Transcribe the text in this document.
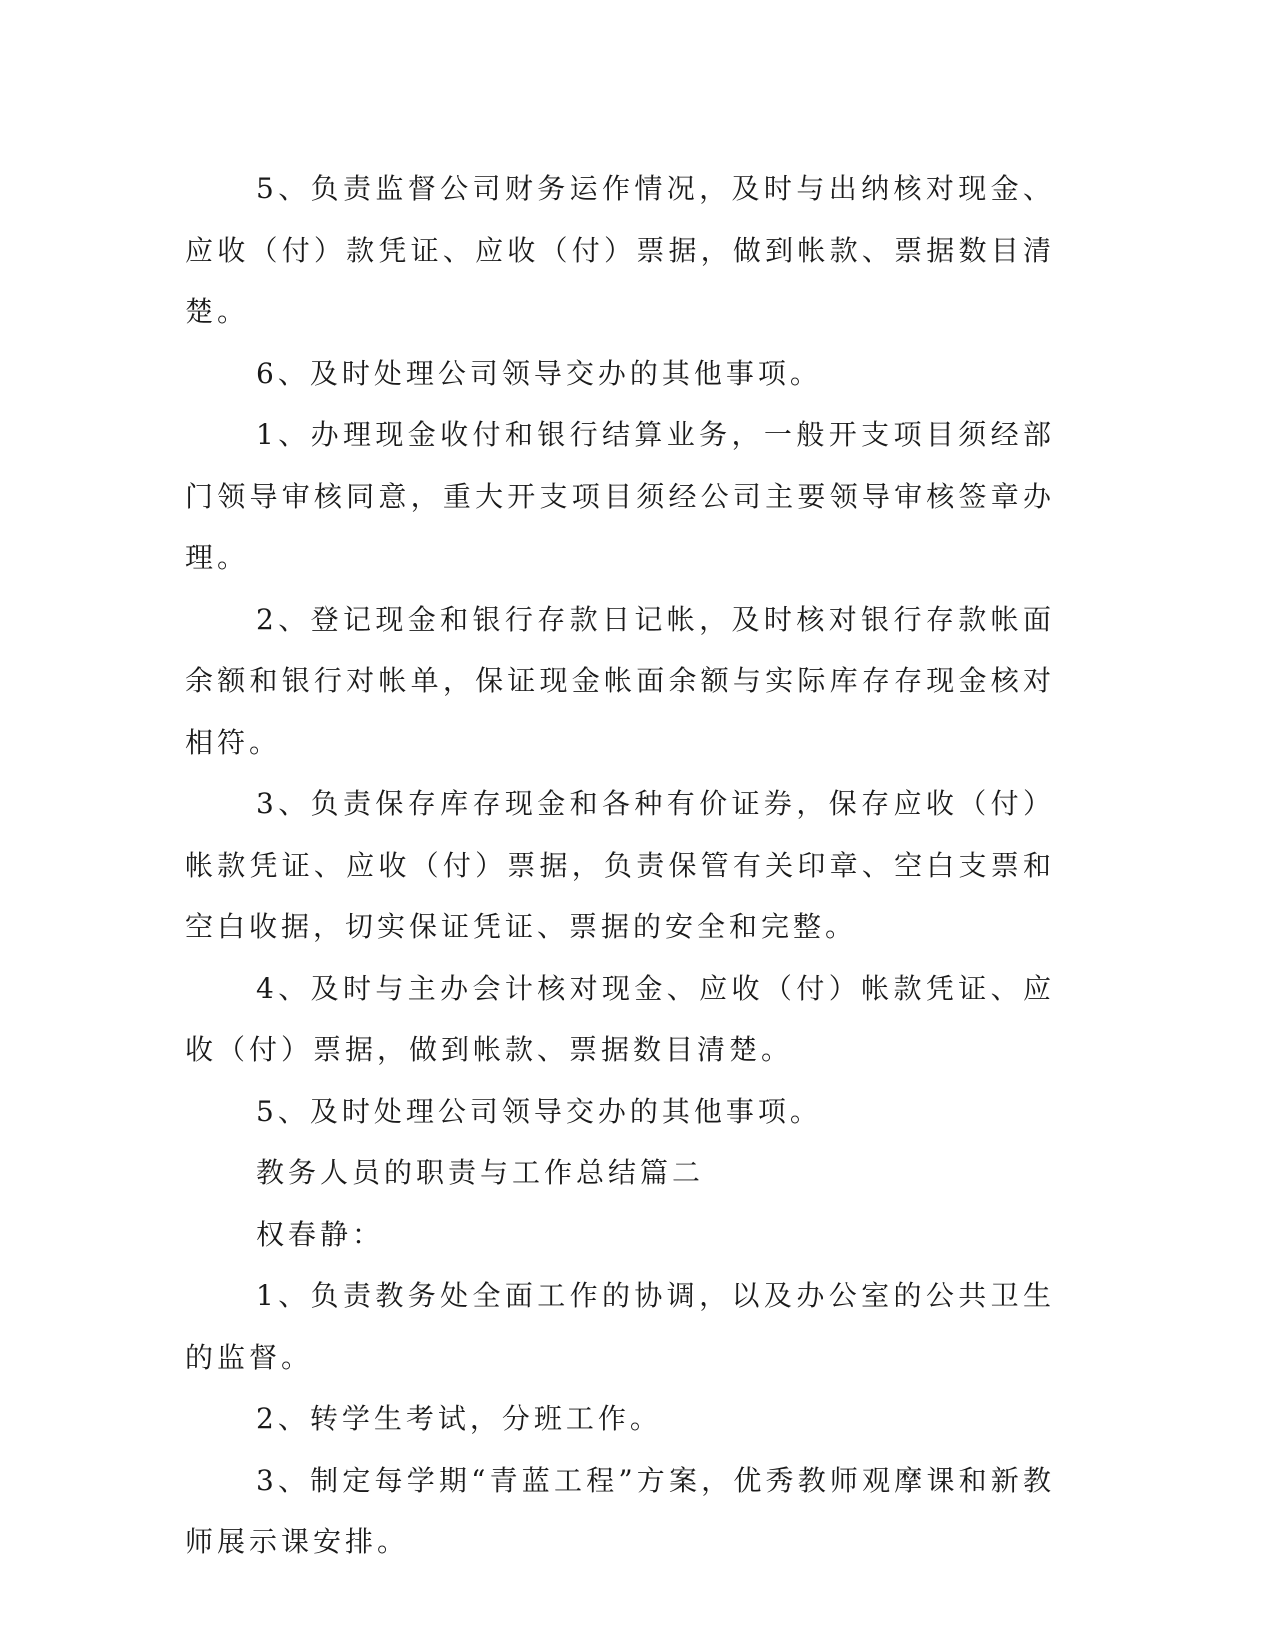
5、负责监督公司财务运作情况，及时与出纳核对现金、应收（付）款凭证、应收（付）票据，做到帐款、票据数目清楚。

6、及时处理公司领导交办的其他事项。

1、办理现金收付和银行结算业务，一般开支项目须经部门领导审核同意，重大开支项目须经公司主要领导审核签章办理。

2、登记现金和银行存款日记帐，及时核对银行存款帐面余额和银行对帐单，保证现金帐面余额与实际库存存现金核对相符。

3、负责保存库存现金和各种有价证券，保存应收（付）帐款凭证、应收（付）票据，负责保管有关印章、空白支票和空白收据，切实保证凭证、票据的安全和完整。

4、及时与主办会计核对现金、应收（付）帐款凭证、应收（付）票据，做到帐款、票据数目清楚。

5、及时处理公司领导交办的其他事项。

教务人员的职责与工作总结篇二

权春静：

1、负责教务处全面工作的协调，以及办公室的公共卫生的监督。

2、转学生考试，分班工作。

3、制定每学期“青蓝工程”方案，优秀教师观摩课和新教师展示课安排。
